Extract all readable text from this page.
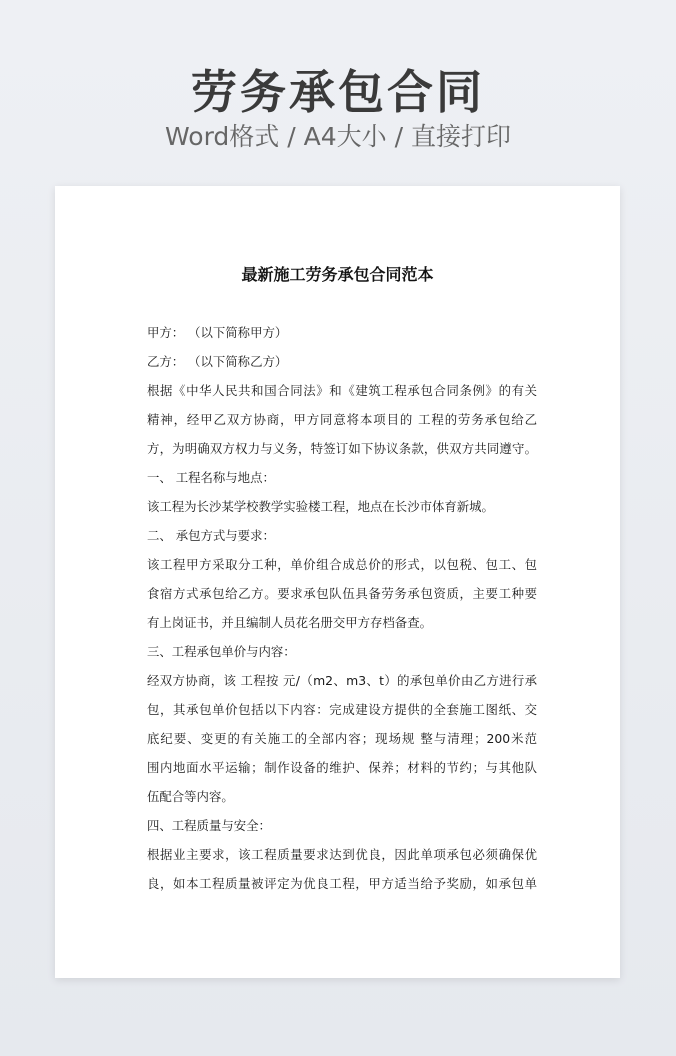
劳务承包合同
Word格式 / A4大小 / 直接打印
最新施工劳务承包合同范本
甲方： （以下简称甲方）
乙方： （以下简称乙方）
根据《中华人民共和国合同法》和《建筑工程承包合同条例》的有关
精神，经甲乙双方协商，甲方同意将本项目的 工程的劳务承包给乙
方，为明确双方权力与义务，特签订如下协议条款，供双方共同遵守。
一、 工程名称与地点：
该工程为长沙某学校教学实验楼工程，地点在长沙市体育新城。
二、 承包方式与要求：
该工程甲方采取分工种，单价组合成总价的形式，以包税、包工、包
食宿方式承包给乙方。要求承包队伍具备劳务承包资质，主要工种要
有上岗证书，并且编制人员花名册交甲方存档备查。
三、工程承包单价与内容：
经双方协商，该 工程按 元/（m2、m3、t）的承包单价由乙方进行承
包，其承包单价包括以下内容：完成建设方提供的全套施工图纸、交
底纪要、变更的有关施工的全部内容；现场规 整与清理；200米范
围内地面水平运输；制作设备的维护、保养；材料的节约；与其他队
伍配合等内容。
四、工程质量与安全：
根据业主要求，该工程质量要求达到优良，因此单项承包必须确保优
良，如本工程质量被评定为优良工程，甲方适当给予奖励，如承包单
